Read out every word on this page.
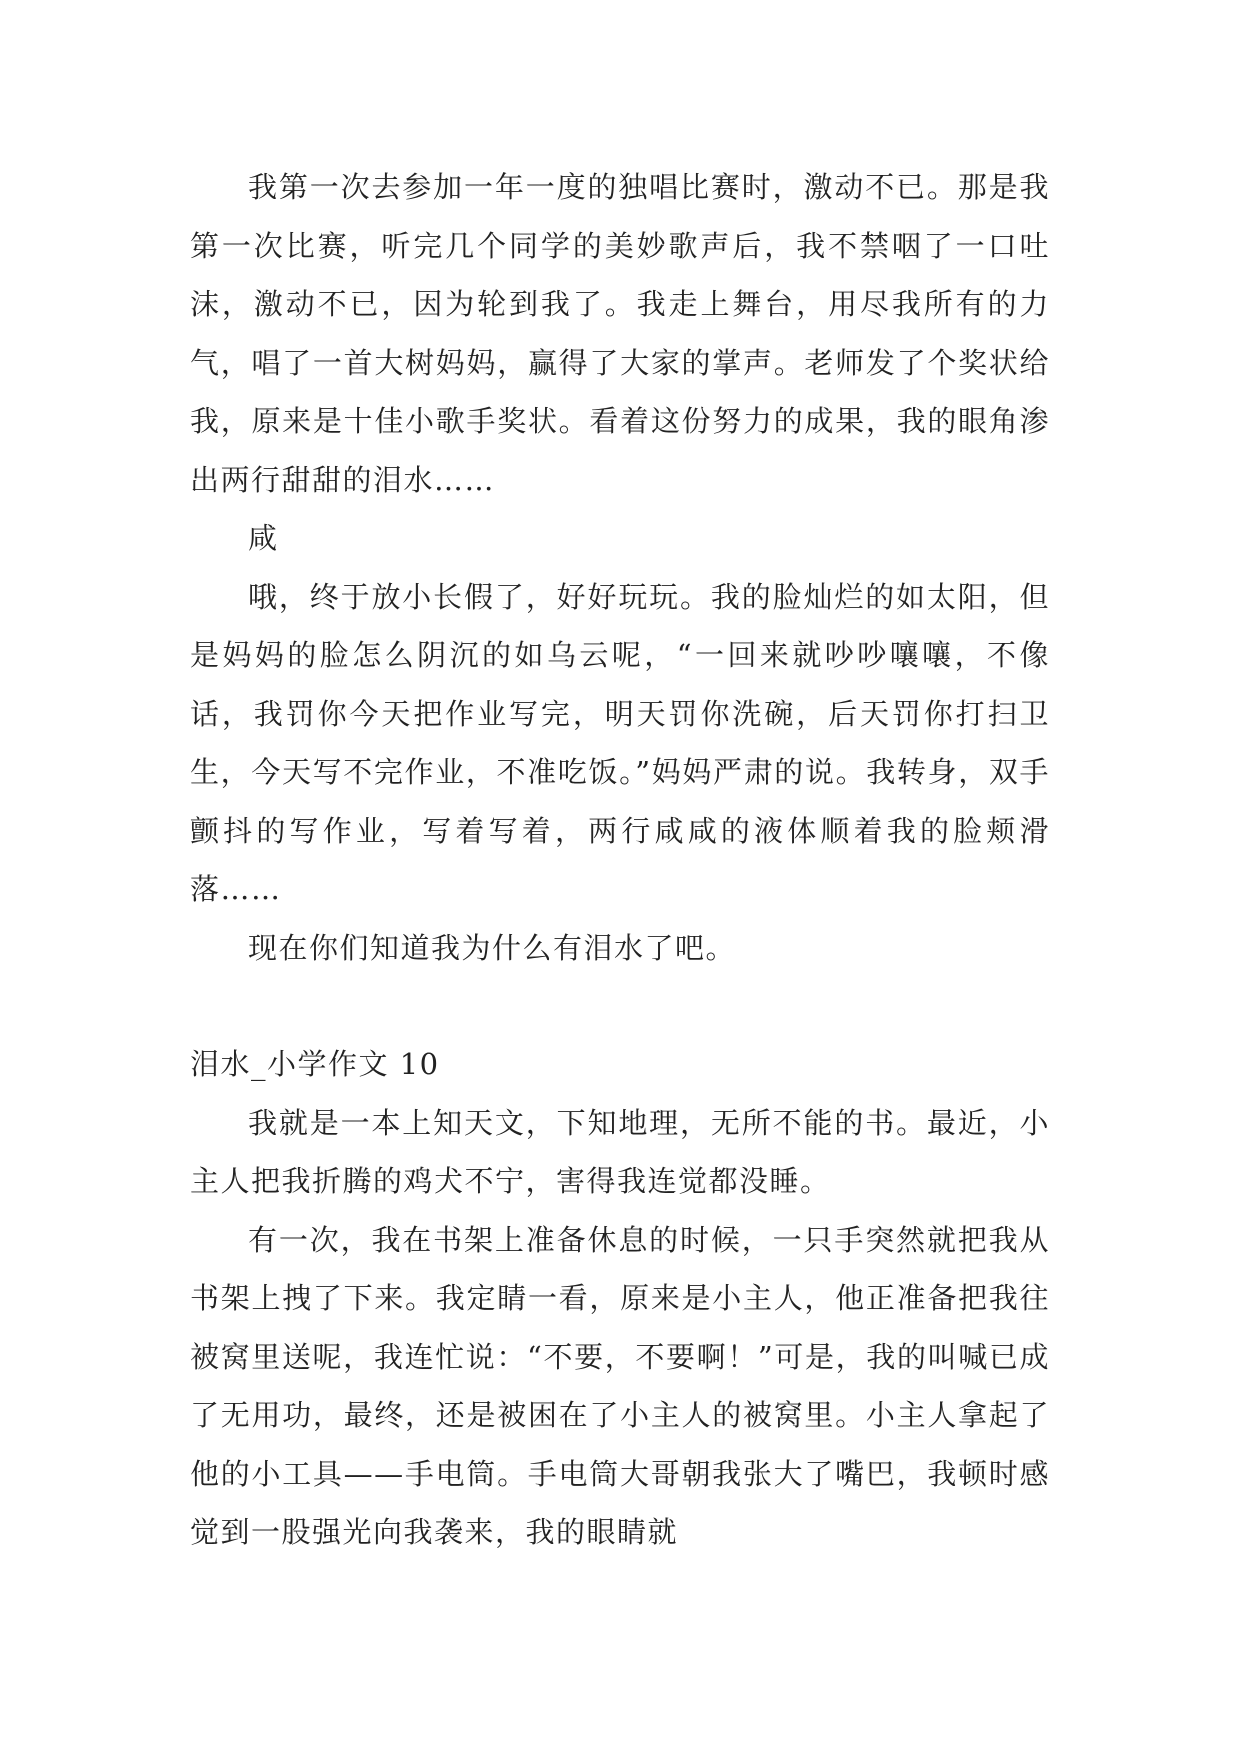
我第一次去参加一年一度的独唱比赛时，激动不已。那是我第一次比赛，听完几个同学的美妙歌声后，我不禁咽了一口吐沫，激动不已，因为轮到我了。我走上舞台，用尽我所有的力气，唱了一首大树妈妈，赢得了大家的掌声。老师发了个奖状给我，原来是十佳小歌手奖状。看着这份努力的成果，我的眼角渗出两行甜甜的泪水……

咸

哦，终于放小长假了，好好玩玩。我的脸灿烂的如太阳，但是妈妈的脸怎么阴沉的如乌云呢，“一回来就吵吵嚷嚷，不像话，我罚你今天把作业写完，明天罚你洗碗，后天罚你打扫卫生，今天写不完作业，不准吃饭。”妈妈严肃的说。我转身，双手颤抖的写作业，写着写着，两行咸咸的液体顺着我的脸颊滑落……

现在你们知道我为什么有泪水了吧。

泪水_小学作文 10

我就是一本上知天文，下知地理，无所不能的书。最近，小主人把我折腾的鸡犬不宁，害得我连觉都没睡。

有一次，我在书架上准备休息的时候，一只手突然就把我从书架上拽了下来。我定睛一看，原来是小主人，他正准备把我往被窝里送呢，我连忙说：“不要，不要啊！”可是，我的叫喊已成了无用功，最终，还是被困在了小主人的被窝里。小主人拿起了他的小工具——手电筒。手电筒大哥朝我张大了嘴巴，我顿时感觉到一股强光向我袭来，我的眼睛就
